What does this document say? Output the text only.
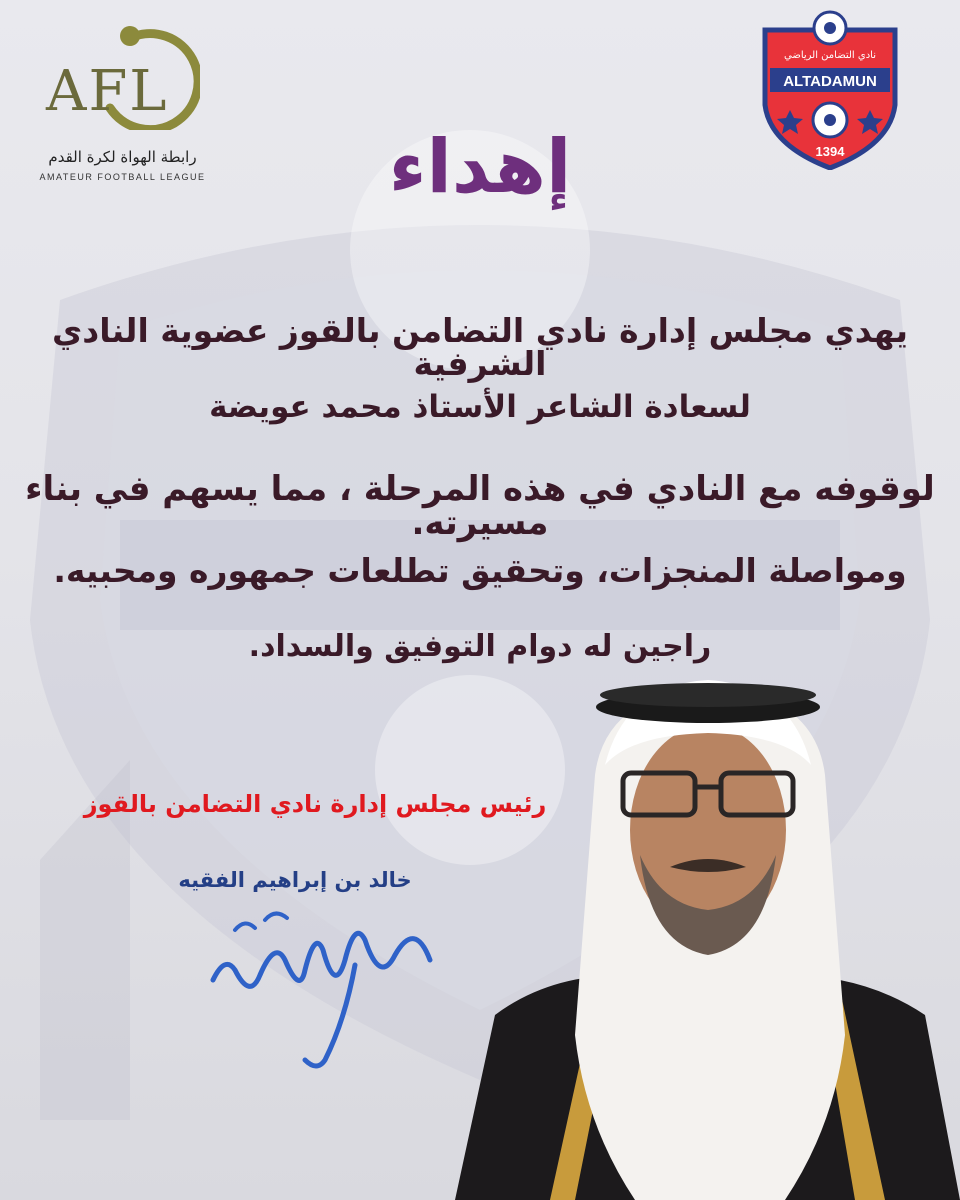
AFL
رابطة الهواة لكرة القدم
AMATEUR FOOTBALL LEAGUE
ALTADAMUN
نادي التضامن الرياضي
1394
إهداء
يهدي مجلس إدارة نادي التضامن بالقوز عضوية النادي الشرفية
لسعادة الشاعر الأستاذ محمد عويضة
لوقوفه مع النادي في هذه المرحلة ، مما يسهم في بناء مسيرته.
ومواصلة المنجزات، وتحقيق تطلعات جمهوره ومحبيه.
راجين له دوام التوفيق والسداد.
رئيس مجلس إدارة نادي التضامن بالقوز
خالد بن إبراهيم الفقيه
